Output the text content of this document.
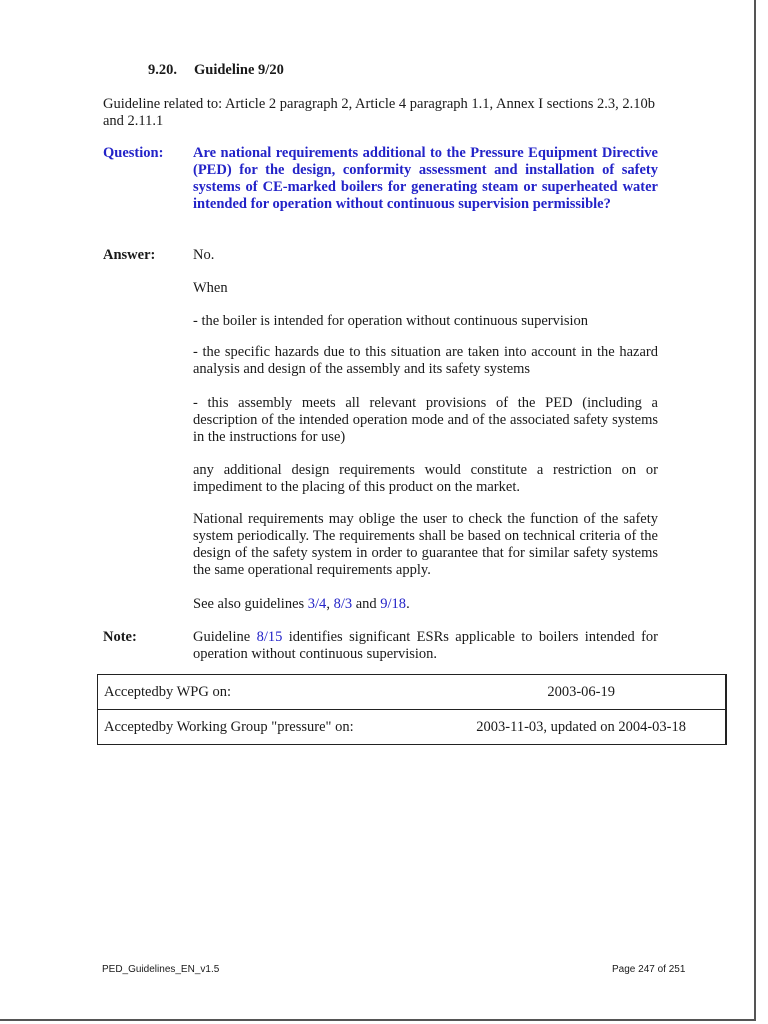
9.20. Guideline 9/20
Guideline related to: Article 2 paragraph 2, Article 4 paragraph 1.1, Annex I sections 2.3, 2.10b and 2.11.1
Question: Are national requirements additional to the Pressure Equipment Directive (PED) for the design, conformity assessment and installation of safety systems of CE-marked boilers for generating steam or superheated water intended for operation without continuous supervision permissible?
Answer:	No.
When
- the boiler is intended for operation without continuous supervision
- the specific hazards due to this situation are taken into account in the hazard analysis and design of the assembly and its safety systems
- this assembly meets all relevant provisions of the PED (including a description of the intended operation mode and of the associated safety systems in the instructions for use)
any additional design requirements would constitute a restriction on or impediment to the placing of this product on the market.
National requirements may oblige the user to check the function of the safety system periodically. The requirements shall be based on technical criteria of the design of the safety system in order to guarantee that for similar safety systems the same operational requirements apply.
See also guidelines 3/4, 8/3 and 9/18.
Note:	Guideline 8/15 identifies significant ESRs applicable to boilers intended for operation without continuous supervision.
Acceptedby WPG on:	2003-06-19
Acceptedby Working Group "pressure" on:	2003-11-03, updated on 2004-03-18
PED_Guidelines_EN_v1.5	Page 247 of 251
